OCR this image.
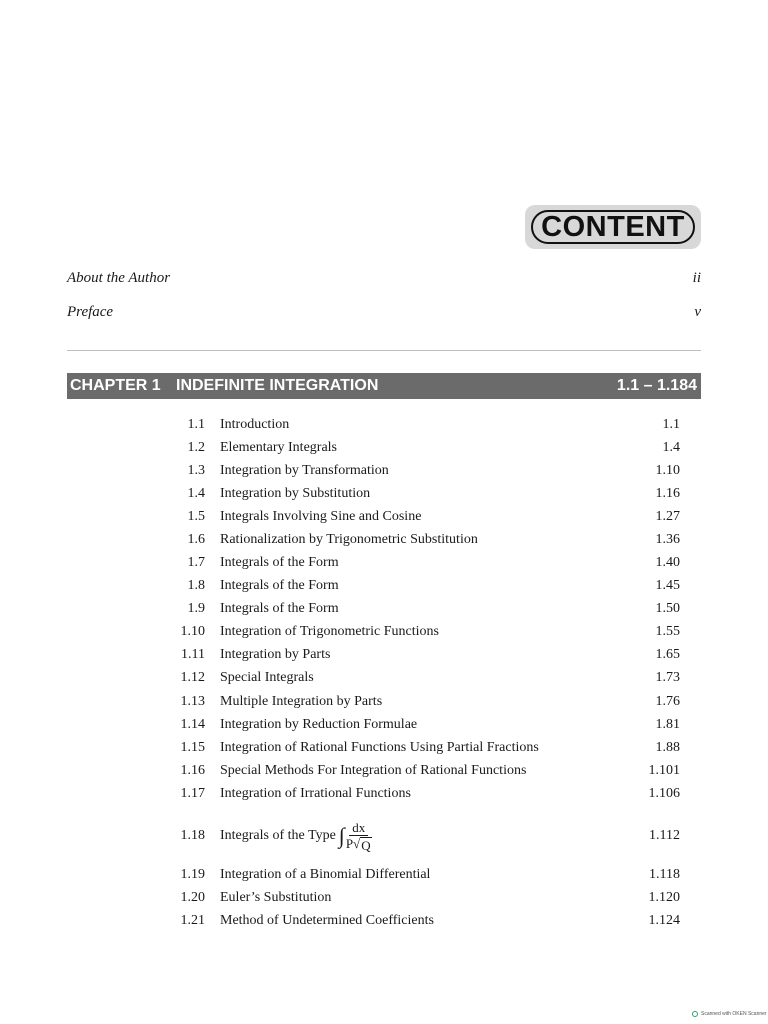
CONTENT
About the Author	ii
Preface	v
CHAPTER 1 INDEFINITE INTEGRATION	1.1 – 1.184
1.1 Introduction	1.1
1.2 Elementary Integrals	1.4
1.3 Integration by Transformation	1.10
1.4 Integration by Substitution	1.16
1.5 Integrals Involving Sine and Cosine	1.27
1.6 Rationalization by Trigonometric Substitution	1.36
1.7 Integrals of the Form	1.40
1.8 Integrals of the Form	1.45
1.9 Integrals of the Form	1.50
1.10 Integration of Trigonometric Functions	1.55
1.11 Integration by Parts	1.65
1.12 Special Integrals	1.73
1.13 Multiple Integration by Parts	1.76
1.14 Integration by Reduction Formulae	1.81
1.15 Integration of Rational Functions Using Partial Fractions	1.88
1.16 Special Methods For Integration of Rational Functions	1.101
1.17 Integration of Irrational Functions	1.106
1.18 Integrals of the Type ∫ $\frac{dx}{P √ Q}$	1.112
1.19 Integration of a Binomial Differential	1.118
1.20 Euler’s Substitution	1.120
1.21 Method of Undetermined Coefficients	1.124
Scanned with OKEN Scanner
